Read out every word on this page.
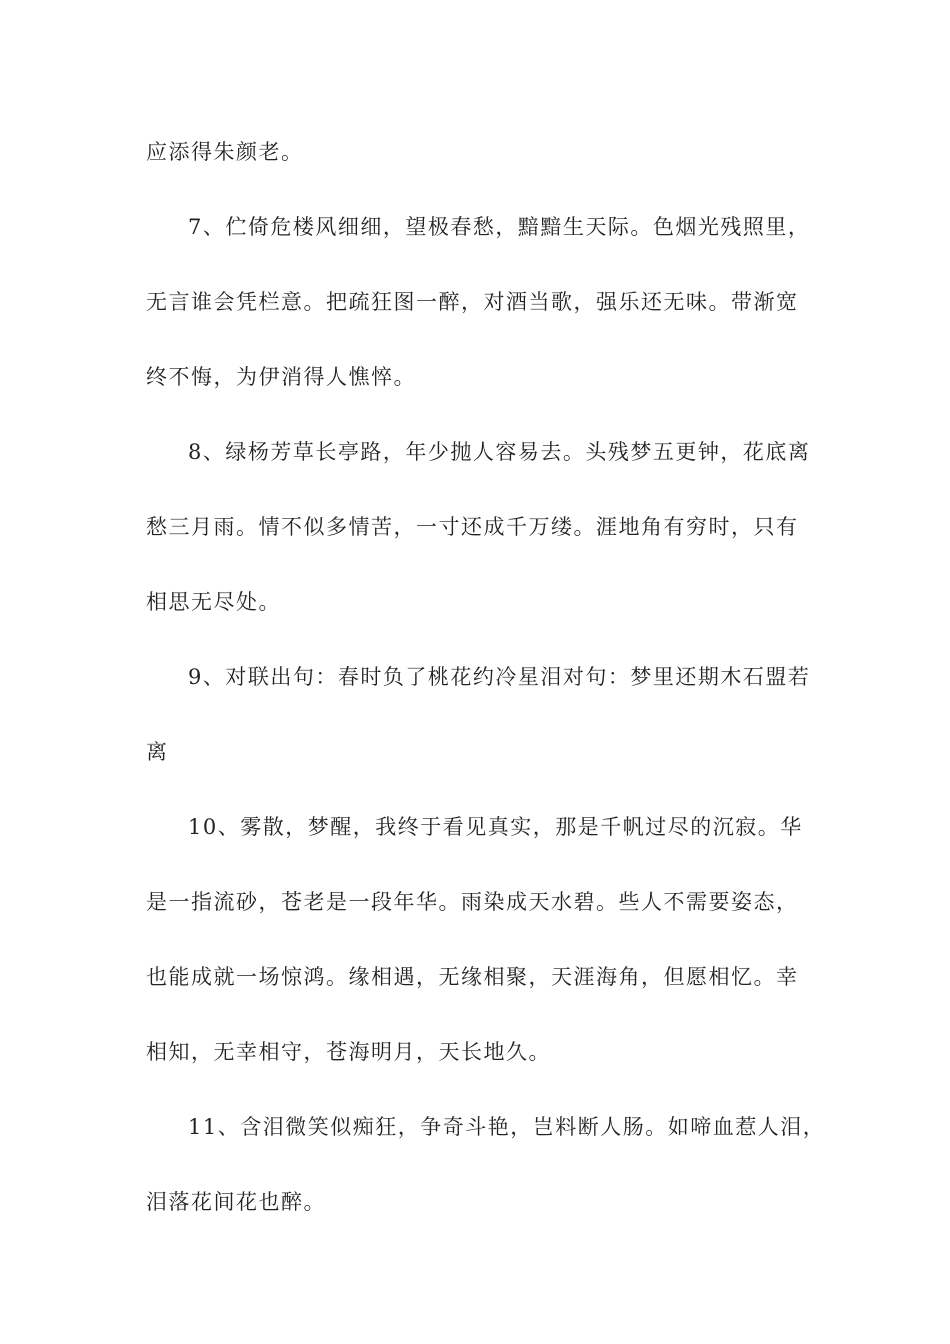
应添得朱颜老。
7、伫倚危楼风细细，望极春愁，黯黯生天际。色烟光残照里，
无言谁会凭栏意。把疏狂图一醉，对酒当歌，强乐还无味。带渐宽
终不悔，为伊消得人憔悴。
8、绿杨芳草长亭路，年少抛人容易去。头残梦五更钟，花底离
愁三月雨。情不似多情苦，一寸还成千万缕。涯地角有穷时，只有
相思无尽处。
9、对联出句：春时负了桃花约冷星泪对句：梦里还期木石盟若
离
10、雾散，梦醒，我终于看见真实，那是千帆过尽的沉寂。华
是一指流砂，苍老是一段年华。雨染成天水碧。些人不需要姿态，
也能成就一场惊鸿。缘相遇，无缘相聚，天涯海角，但愿相忆。幸
相知，无幸相守，苍海明月，天长地久。
11、含泪微笑似痴狂，争奇斗艳，岂料断人肠。如啼血惹人泪，
泪落花间花也醉。
